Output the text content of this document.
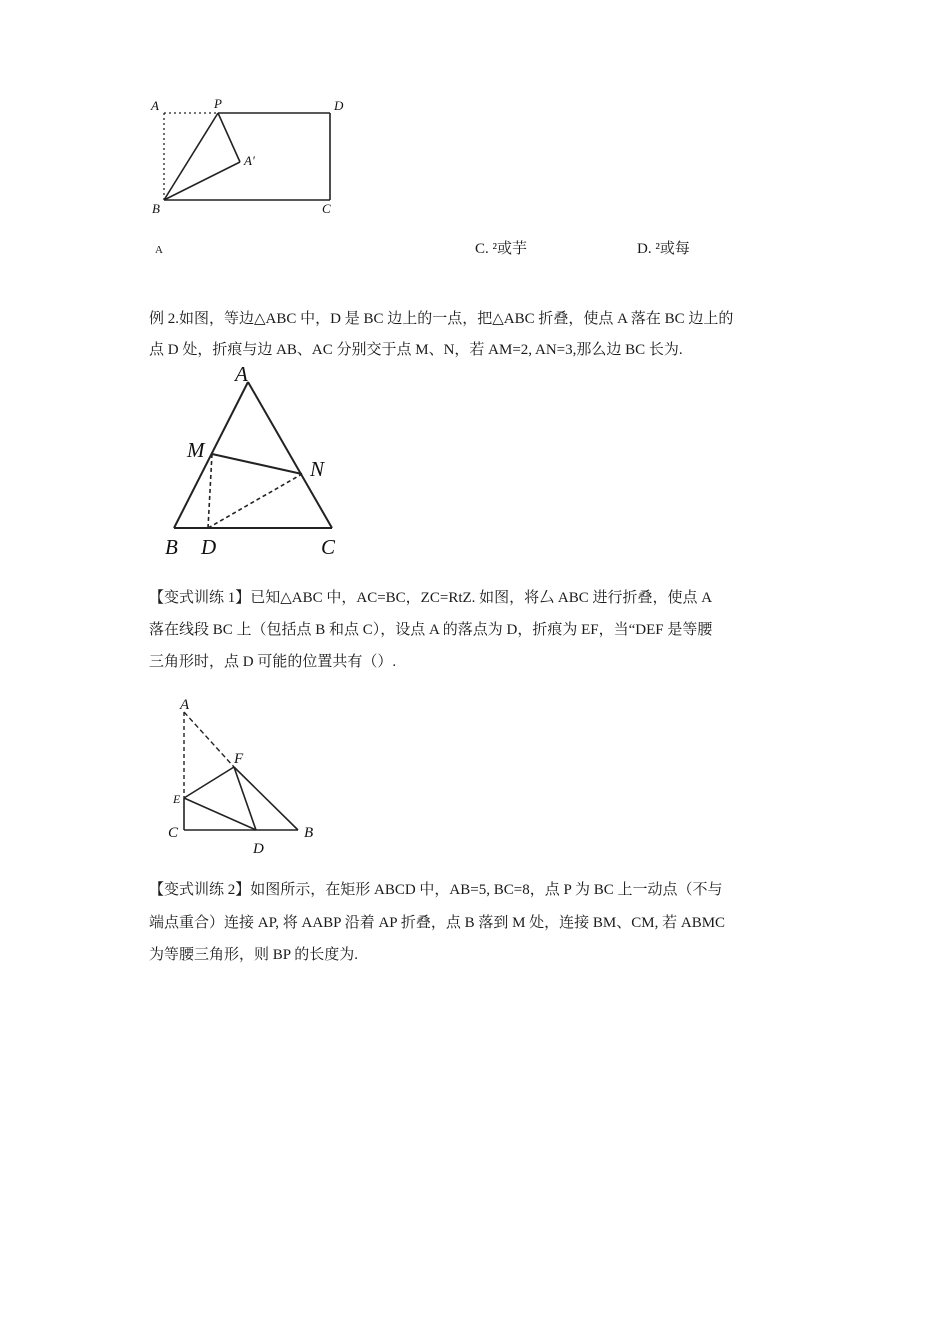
A	P	D
A′
B	C
A	C. ²或芋	D. ²或每
例 2.如图，等边△ABC 中，D 是 BC 边上的一点，把△ABC 折叠，使点 A 落在 BC 边上的
点 D 处，折痕与边 AB、AC 分别交于点 M、N，若 AM=2, AN=3,那么边 BC 长为.
A
M
N
B D	C
【变式训练 1】已知△ABC 中，AC=BC，ZC=RtZ. 如图，将厶 ABC 进行折叠，使点 A
落在线段 BC 上（包括点 B 和点 C），设点 A 的落点为 D，折痕为 EF，当“DEF 是等腰
三角形时，点 D 可能的位置共有（）.
A
F
E
C	B
D
【变式训练 2】如图所示，在矩形 ABCD 中，AB=5, BC=8，点 P 为 BC 上一动点（不与
端点重合）连接 AP, 将 AABP 沿着 AP 折叠，点 B 落到 M 处，连接 BM、CM, 若 ABMC
为等腰三角形，则 BP 的长度为.
